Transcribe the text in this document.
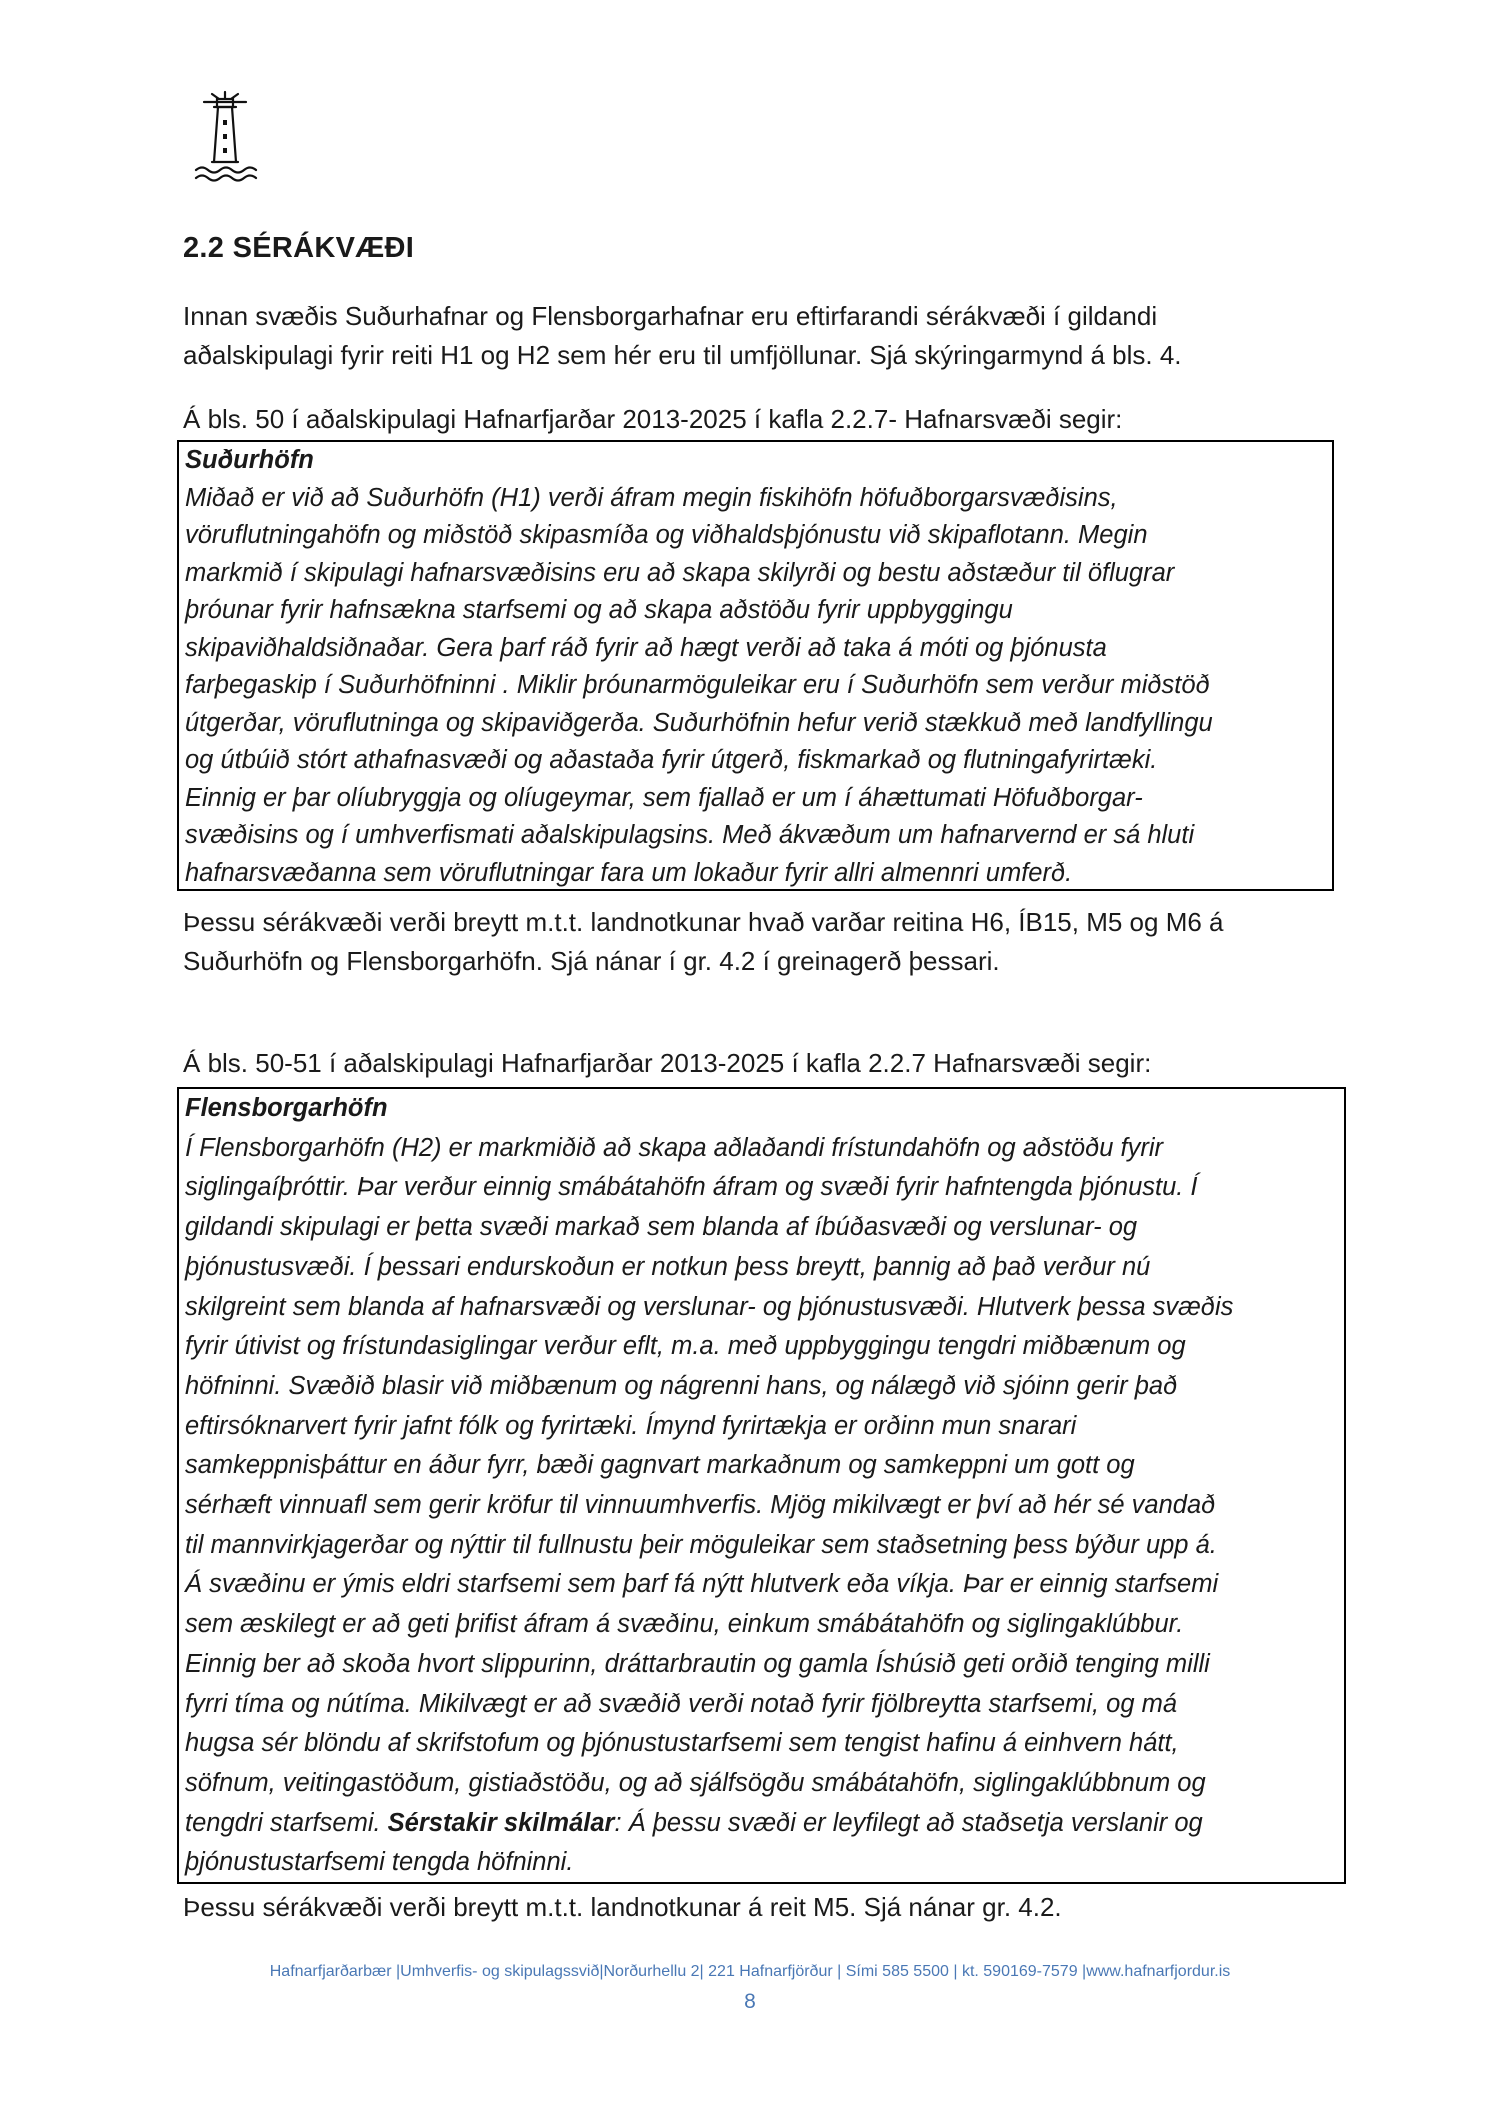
2.2 SÉRÁKVÆÐI

Innan svæðis Suðurhafnar og Flensborgarhafnar eru eftirfarandi sérákvæði í gildandi
aðalskipulagi fyrir reiti H1 og H2 sem hér eru til umfjöllunar. Sjá skýringarmynd á bls. 4.

Á bls. 50 í aðalskipulagi Hafnarfjarðar 2013-2025 í kafla 2.2.7- Hafnarsvæði segir:

Suðurhöfn
Miðað er við að Suðurhöfn (H1) verði áfram megin fiskihöfn höfuðborgarsvæðisins,
vöruflutningahöfn og miðstöð skipasmíða og viðhaldsþjónustu við skipaflotann. Megin
markmið í skipulagi hafnarsvæðisins eru að skapa skilyrði og bestu aðstæður til öflugrar
þróunar fyrir hafnsækna starfsemi og að skapa aðstöðu fyrir uppbyggingu
skipaviðhaldsiðnaðar. Gera þarf ráð fyrir að hægt verði að taka á móti og þjónusta
farþegaskip í Suðurhöfninni . Miklir þróunarmöguleikar eru í Suðurhöfn sem verður miðstöð
útgerðar, vöruflutninga og skipaviðgerða. Suðurhöfnin hefur verið stækkuð með landfyllingu
og útbúið stórt athafnasvæði og aðastaða fyrir útgerð, fiskmarkað og flutningafyrirtæki.
Einnig er þar olíubryggja og olíugeymar, sem fjallað er um í áhættumati Höfuðborgar-
svæðisins og í umhverfismati aðalskipulagsins. Með ákvæðum um hafnarvernd er sá hluti
hafnarsvæðanna sem vöruflutningar fara um lokaður fyrir allri almennri umferð.

Þessu sérákvæði verði breytt m.t.t. landnotkunar hvað varðar reitina H6, ÍB15, M5 og M6 á
Suðurhöfn og Flensborgarhöfn. Sjá nánar í gr. 4.2 í greinagerð þessari.

Á bls. 50-51 í aðalskipulagi Hafnarfjarðar 2013-2025 í kafla 2.2.7 Hafnarsvæði segir:

Flensborgarhöfn
Í Flensborgarhöfn (H2) er markmiðið að skapa aðlaðandi frístundahöfn og aðstöðu fyrir
siglingaíþróttir. Þar verður einnig smábátahöfn áfram og svæði fyrir hafntengda þjónustu. Í
gildandi skipulagi er þetta svæði markað sem blanda af íbúðasvæði og verslunar- og
þjónustusvæði. Í þessari endurskoðun er notkun þess breytt, þannig að það verður nú
skilgreint sem blanda af hafnarsvæði og verslunar- og þjónustusvæði. Hlutverk þessa svæðis
fyrir útivist og frístundasiglingar verður eflt, m.a. með uppbyggingu tengdri miðbænum og
höfninni. Svæðið blasir við miðbænum og nágrenni hans, og nálægð við sjóinn gerir það
eftirsóknarvert fyrir jafnt fólk og fyrirtæki. Ímynd fyrirtækja er orðinn mun snarari
samkeppnisþáttur en áður fyrr, bæði gagnvart markaðnum og samkeppni um gott og
sérhæft vinnuafl sem gerir kröfur til vinnuumhverfis. Mjög mikilvægt er því að hér sé vandað
til mannvirkjagerðar og nýttir til fullnustu þeir möguleikar sem staðsetning þess býður upp á.
Á svæðinu er ýmis eldri starfsemi sem þarf fá nýtt hlutverk eða víkja. Þar er einnig starfsemi
sem æskilegt er að geti þrifist áfram á svæðinu, einkum smábátahöfn og siglingaklúbbur.
Einnig ber að skoða hvort slippurinn, dráttarbrautin og gamla Íshúsið geti orðið tenging milli
fyrri tíma og nútíma. Mikilvægt er að svæðið verði notað fyrir fjölbreytta starfsemi, og má
hugsa sér blöndu af skrifstofum og þjónustustarfsemi sem tengist hafinu á einhvern hátt,
söfnum, veitingastöðum, gistiaðstöðu, og að sjálfsögðu smábátahöfn, siglingaklúbbnum og
tengdri starfsemi. Sérstakir skilmálar: Á þessu svæði er leyfilegt að staðsetja verslanir og
þjónustustarfsemi tengda höfninni.

Þessu sérákvæði verði breytt m.t.t. landnotkunar á reit M5. Sjá nánar gr. 4.2.

Hafnarfjarðarbær |Umhverfis- og skipulagssvið|Norðurhellu 2| 221 Hafnarfjörður | Sími 585 5500 | kt. 590169-7579 |www.hafnarfjordur.is

8
